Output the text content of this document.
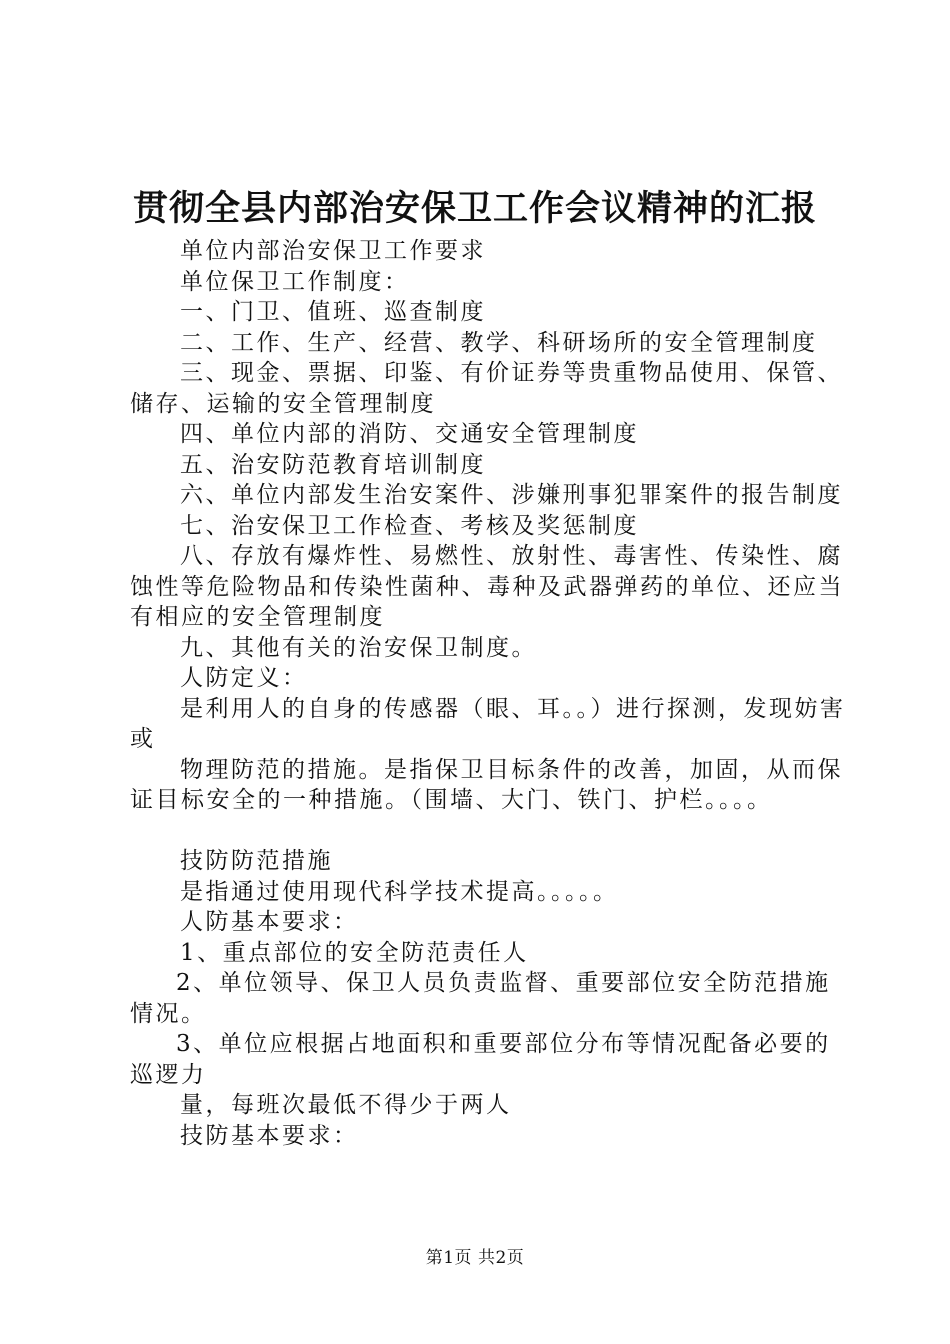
贯彻全县内部治安保卫工作会议精神的汇报

单位内部治安保卫工作要求

单位保卫工作制度：

一、门卫、值班、巡查制度

二、工作、生产、经营、教学、科研场所的安全管理制度

三、现金、票据、印鉴、有价证券等贵重物品使用、保管、储存、运输的安全管理制度

四、单位内部的消防、交通安全管理制度

五、治安防范教育培训制度

六、单位内部发生治安案件、涉嫌刑事犯罪案件的报告制度

七、治安保卫工作检查、考核及奖惩制度

八、存放有爆炸性、易燃性、放射性、毒害性、传染性、腐蚀性等危险物品和传染性菌种、毒种及武器弹药的单位、还应当有相应的安全管理制度

九、其他有关的治安保卫制度。

人防定义：

是利用人的自身的传感器（眼、耳。。）进行探测，发现妨害或

物理防范的措施。是指保卫目标条件的改善，加固，从而保证目标安全的一种措施。（围墙、大门、铁门、护栏。。。。

技防防范措施

是指通过使用现代科学技术提高。。。。。

人防基本要求：

1、重点部位的安全防范责任人

2、单位领导、保卫人员负责监督、重要部位安全防范措施情况。

3、单位应根据占地面积和重要部位分布等情况配备必要的巡逻力

量，每班次最低不得少于两人

技防基本要求：

第1页 共2页
